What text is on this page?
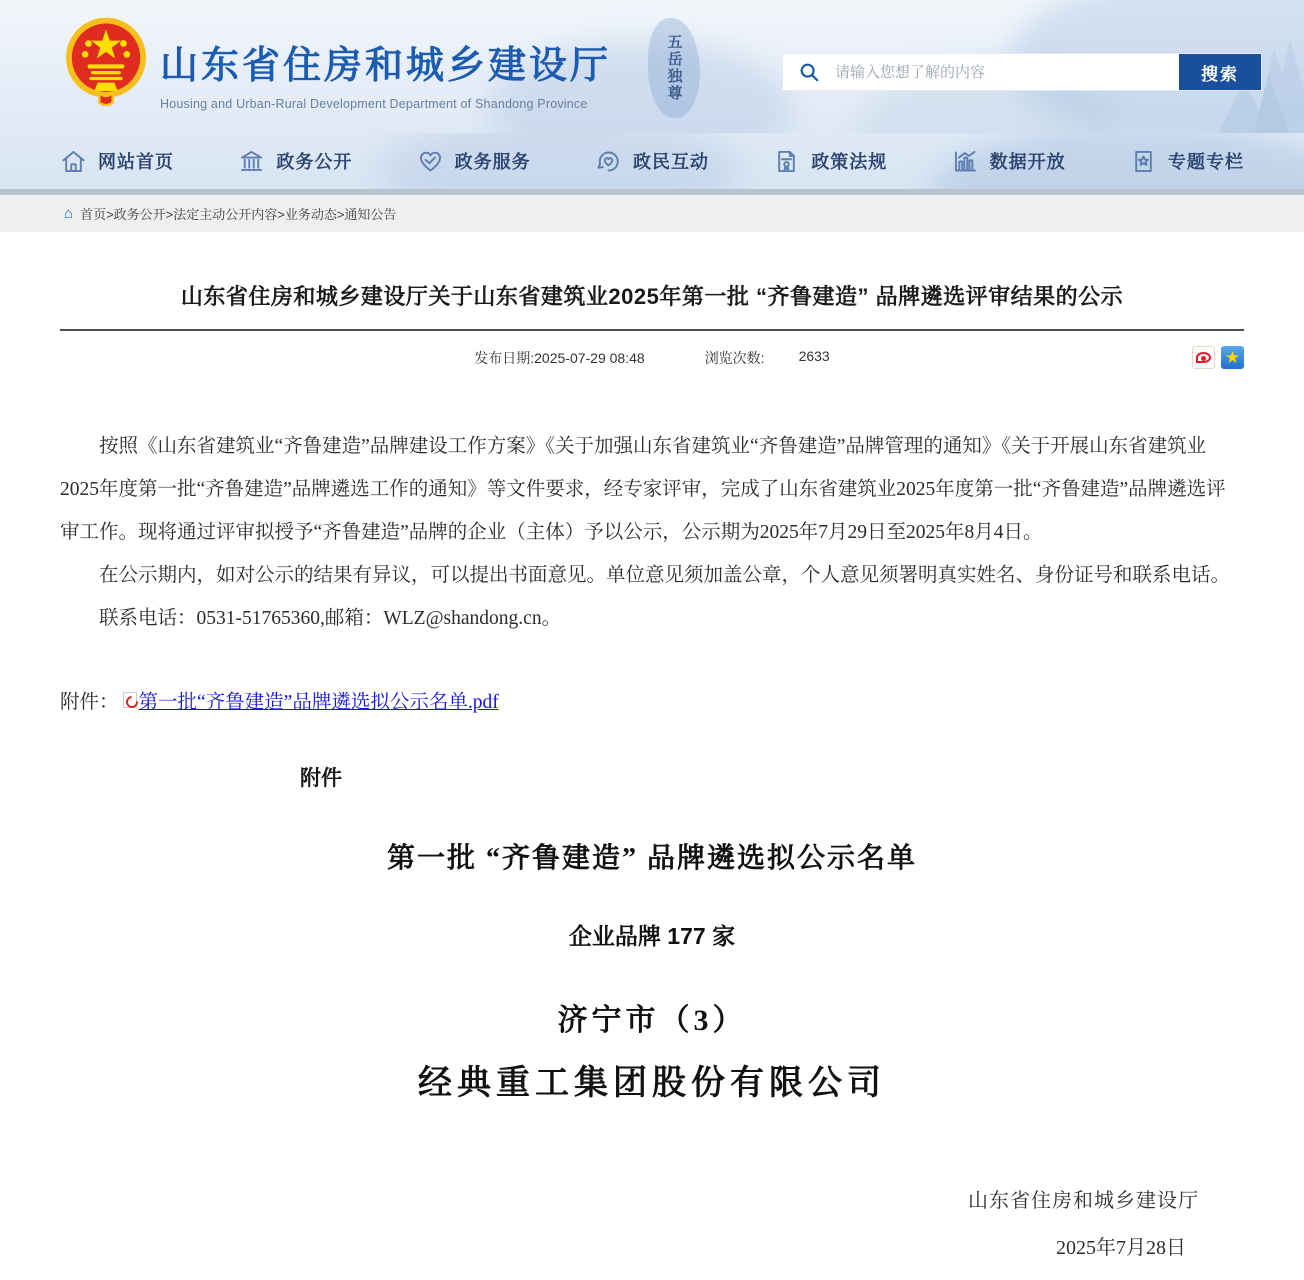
五岳独尊
山东省住房和城乡建设厅
Housing and Urban-Rural Development Department of Shandong Province
请输入您想了解的内容
搜索
网站首页	政务公开	政务服务	政民互动	政策法规	数据开放	专题专栏
⌂ 首页>政务公开>法定主动公开内容>业务动态>通知公告
山东省住房和城乡建设厅关于山东省建筑业2025年第一批 “齐鲁建造” 品牌遴选评审结果的公示
发布日期:2025-07-29 08:48	浏览次数: 2633	★

按照《山东省建筑业“齐鲁建造”品牌建设工作方案》《关于加强山东省建筑业“齐鲁建造”品牌管理的通知》《关于开展山东省建筑业2025年度第一批“齐鲁建造”品牌遴选工作的通知》等文件要求，经专家评审，完成了山东省建筑业2025年度第一批“齐鲁建造”品牌遴选评审工作。现将通过评审拟授予“齐鲁建造”品牌的企业（主体）予以公示，公示期为2025年7月29日至2025年8月4日。

在公示期内，如对公示的结果有异议，可以提出书面意见。单位意见须加盖公章，个人意见须署明真实姓名、身份证号和联系电话。

联系电话：0531-51765360,邮箱：WLZ@shandong.cn。

附件： 第一批“齐鲁建造”品牌遴选拟公示名单.pdf
附件
第一批 “齐鲁建造” 品牌遴选拟公示名单
企业品牌 177 家
济宁市（3）
经典重工集团股份有限公司
山东省住房和城乡建设厅
2025年7月28日
